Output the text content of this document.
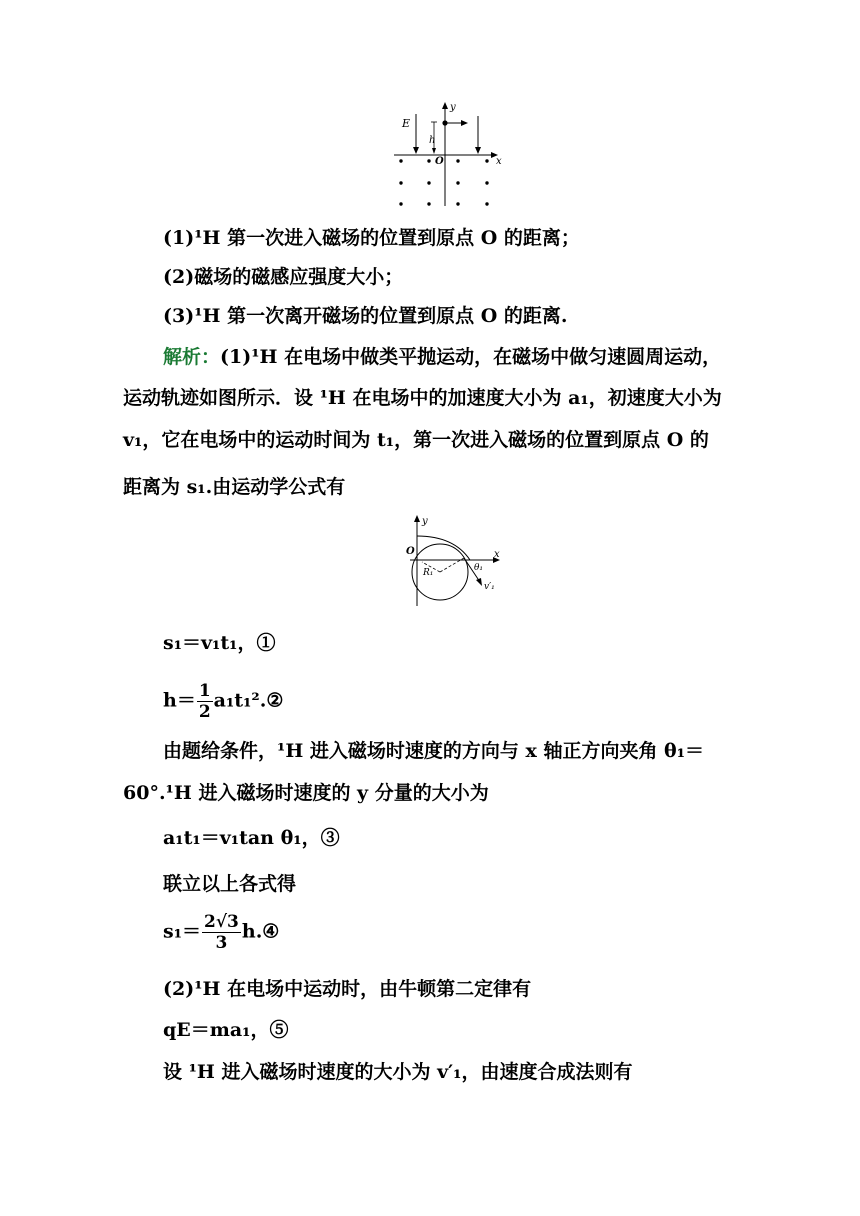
E
y
h
O	x
(1)¹H 第一次进入磁场的位置到原点 O 的距离；
(2)磁场的磁感应强度大小；
(3)¹H 第一次离开磁场的位置到原点 O 的距离.
解析：(1)¹H 在电场中做类平抛运动，在磁场中做匀速圆周运动，
运动轨迹如图所示．设 ¹H 在电场中的加速度大小为 a₁，初速度大小为
v₁，它在电场中的运动时间为 t₁，第一次进入磁场的位置到原点 O 的
距离为 s₁.由运动学公式有
y
O	x
θ₁
R₁
v′₁
s₁＝v₁t₁，①
$h= \frac{1}{2}$ a₁t₁².②
由题给条件，¹H 进入磁场时速度的方向与 x 轴正方向夹角 θ₁＝
60°.¹H 进入磁场时速度的 y 分量的大小为
a₁t₁＝v₁tan θ₁，③
联立以上各式得
$s_1= \frac{2√3}{3}$ h.④
(2)¹H 在电场中运动时，由牛顿第二定律有
qE＝ma₁，⑤
设 ¹H 进入磁场时速度的大小为 v′₁，由速度合成法则有
